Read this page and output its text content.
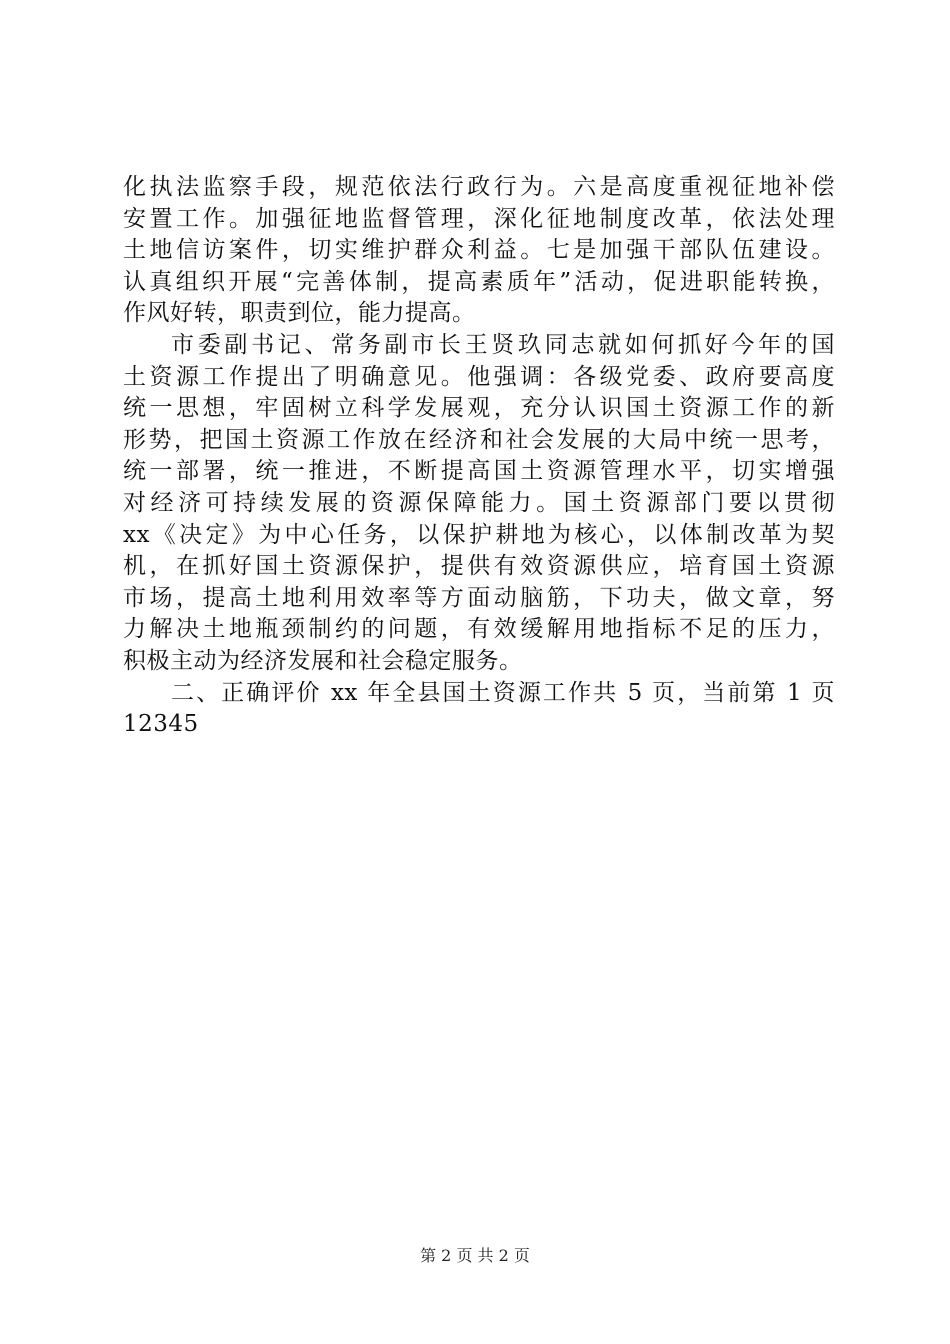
化执法监察手段，规范依法行政行为。六是高度重视征地补偿
安置工作。加强征地监督管理，深化征地制度改革，依法处理
土地信访案件，切实维护群众利益。七是加强干部队伍建设。
认真组织开展“完善体制，提高素质年”活动，促进职能转换，
作风好转，职责到位，能力提高。
市委副书记、常务副市长王贤玖同志就如何抓好今年的国
土资源工作提出了明确意见。他强调：各级党委、政府要高度
统一思想，牢固树立科学发展观，充分认识国土资源工作的新
形势，把国土资源工作放在经济和社会发展的大局中统一思考，
统一部署，统一推进，不断提高国土资源管理水平，切实增强
对经济可持续发展的资源保障能力。国土资源部门要以贯彻
xx《决定》为中心任务，以保护耕地为核心，以体制改革为契
机，在抓好国土资源保护，提供有效资源供应，培育国土资源
市场，提高土地利用效率等方面动脑筋，下功夫，做文章，努
力解决土地瓶颈制约的问题，有效缓解用地指标不足的压力，
积极主动为经济发展和社会稳定服务。
二、正确评价 xx 年全县国土资源工作共 5 页，当前第 1 页
12345
第 2 页 共 2 页
